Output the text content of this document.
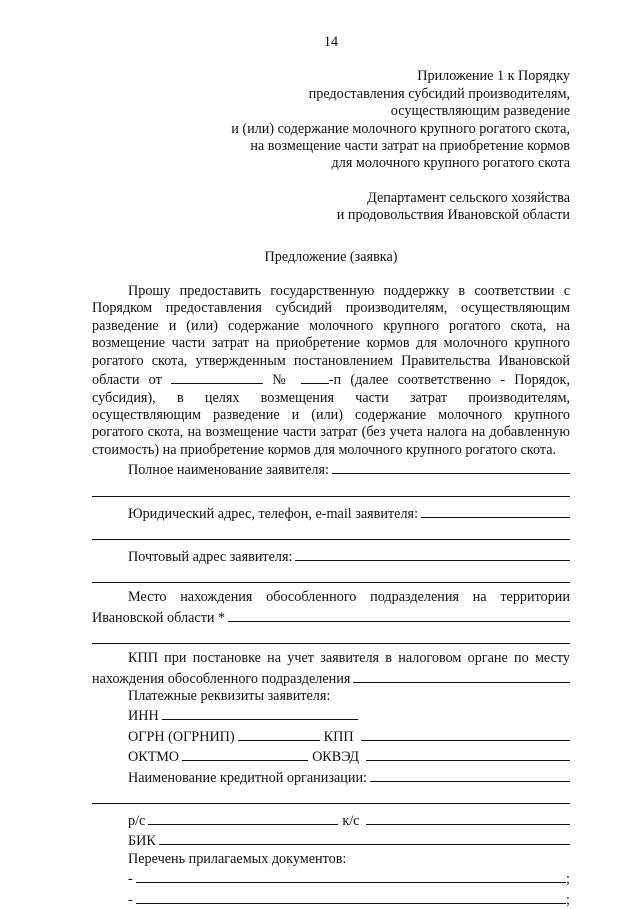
14
Приложение 1 к Порядку
предоставления субсидий производителям,
осуществляющим разведение
и (или) содержание молочного крупного рогатого скота,
на возмещение части затрат на приобретение кормов
для молочного крупного рогатого скота
Департамент сельского хозяйства
и продовольствия Ивановской области
Предложение (заявка)

Прошу предоставить государственную поддержку в соответствии с Порядком предоставления субсидий производителям, осуществляющим разведение и (или) содержание молочного крупного рогатого скота, на возмещение части затрат на приобретение кормов для молочного крупного рогатого скота, утвержденным постановлением Правительства Ивановской области от	№	-п (далее соответственно - Порядок, субсидия), в целях возмещения части затрат производителям, осуществляющим разведение и (или) содержание молочного крупного рогатого скота, на возмещение части затрат (без учета налога на добавленную стоимость) на приобретение кормов для молочного крупного рогатого скота.

Полное наименование заявителя:
Юридический адрес, телефон, e-mail заявителя:
Почтовый адрес заявителя:
Место нахождения обособленного подразделения на территории
Ивановской области *
КПП при постановке на учет заявителя в налоговом органе по месту
нахождения обособленного подразделения
Платежные реквизиты заявителя:
ИНН
ОГРН (ОГРНИП)	КПП
ОКТМО	ОКВЭД
Наименование кредитной организации:
р/с	к/с
БИК
Перечень прилагаемых документов:
-	;
-	;
